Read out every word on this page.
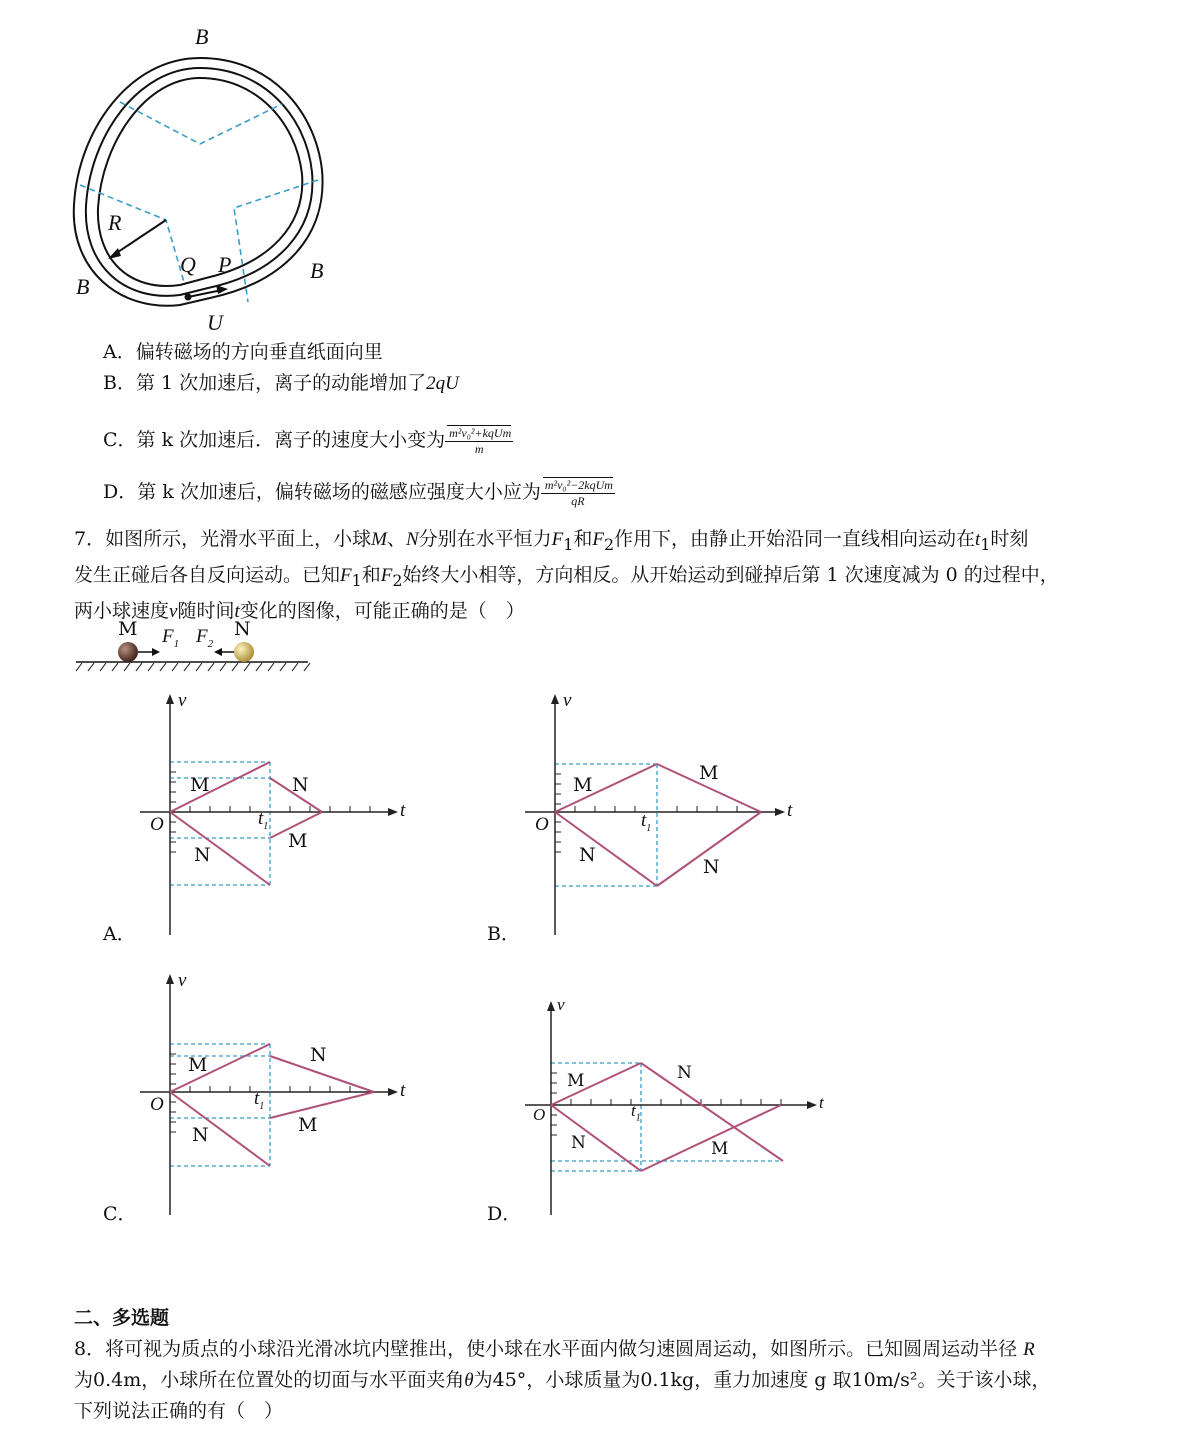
B
B
B
R
Q P
U
A．偏转磁场的方向垂直纸面向里
B．第 1 次加速后，离子的动能增加了2qU
C．第 k 次加速后．离子的速度大小变为 $\frac{\text{m²v₀²+kqUm}}{m}$
D．第 k 次加速后，偏转磁场的磁感应强度大小应为 $\frac{\text{m²v₀²−2kqUm}}{qR}$
7．如图所示，光滑水平面上，小球M、N分别在水平恒力$F_1$和$F_2$作用下，由静止开始沿同一直线相向运动在$t_1$时刻
发生正碰后各自反向运动。已知$F_1$和$F_2$始终大小相等，方向相反。从开始运动到碰掉后第 1 次速度减为 0 的过程中，
两小球速度v随时间t变化的图像，可能正确的是（　）
M	N
$F_1$ $F_2$
v
t
O	$t_1$
M
N
N
M
A．
v
t
O	$t_1$
M
N
M
N
B．
v
t
O	$t_1$
M
N
N
M
C．
v
t
O	$t_1$
M
N
N
M
D．
二、多选题
8．将可视为质点的小球沿光滑冰坑内壁推出，使小球在水平面内做匀速圆周运动，如图所示。已知圆周运动半径 R
为0.4m，小球所在位置处的切面与水平面夹角θ为45°，小球质量为0.1kg，重力加速度 g 取10m/s²。关于该小球，
下列说法正确的有（　）
